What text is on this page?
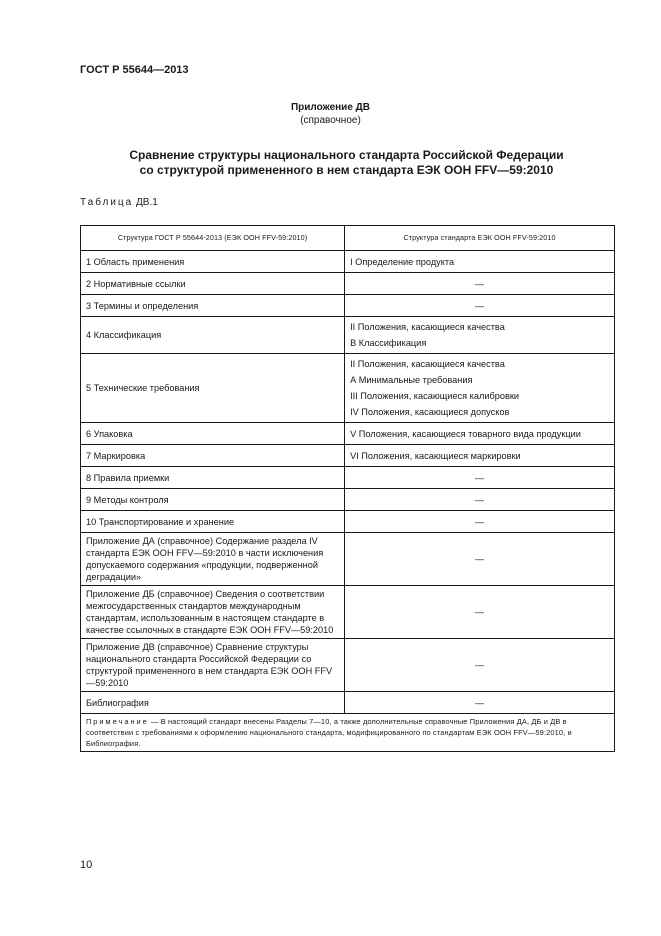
ГОСТ Р 55644—2013
Приложение ДВ
(справочное)
Сравнение структуры национального стандарта Российской Федерации
со структурой примененного в нем стандарта ЕЭК ООН FFV—59:2010
Таблица ДВ.1
Структура ГОСТ Р 55644-2013 (ЕЭК ООН FFV-59:2010)	Структура стандарта ЕЭК ООН FFV-59:2010
1 Область применения	I Определение продукта
2 Нормативные ссылки	—
3 Термины и определения	—
4 Классификация	II Положения, касающиеся качества
В Классификация

5 Технические требования	II Положения, касающиеся качества
А Минимальные требования
III Положения, касающиеся калибровки
IV Положения, касающиеся допусков

6 Упаковка	V Положения, касающиеся товарного вида продукции
7 Маркировка	VI Положения, касающиеся маркировки
8 Правила приемки	—
9 Методы контроля	—
10 Транспортирование и хранение	—
Приложение ДА (справочное) Содержание раздела IV стандарта ЕЭК ООН FFV—59:2010 в части исключения допускаемого содержания «продукции, подверженной деградации»	—
Приложение ДБ (справочное) Сведения о соответствии межгосударственных стандартов международным стандартам, использованным в настоящем стандарте в качестве ссылочных в стандарте ЕЭК ООН FFV—59:2010	—
Приложение ДВ (справочное) Сравнение структуры национального стандарта Российской Федерации со структурой примененного в нем стандарта ЕЭК ООН FFV—59:2010	—
Библиография	—
Примечание — В настоящий стандарт внесены Разделы 7—10, а также дополнительные справочные Приложения ДА, ДБ и ДВ в соответствии с требованиями к оформлению национального стандарта, модифицированного по стандартам ЕЭК ООН FFV—59:2010, и Библиография.	
10
